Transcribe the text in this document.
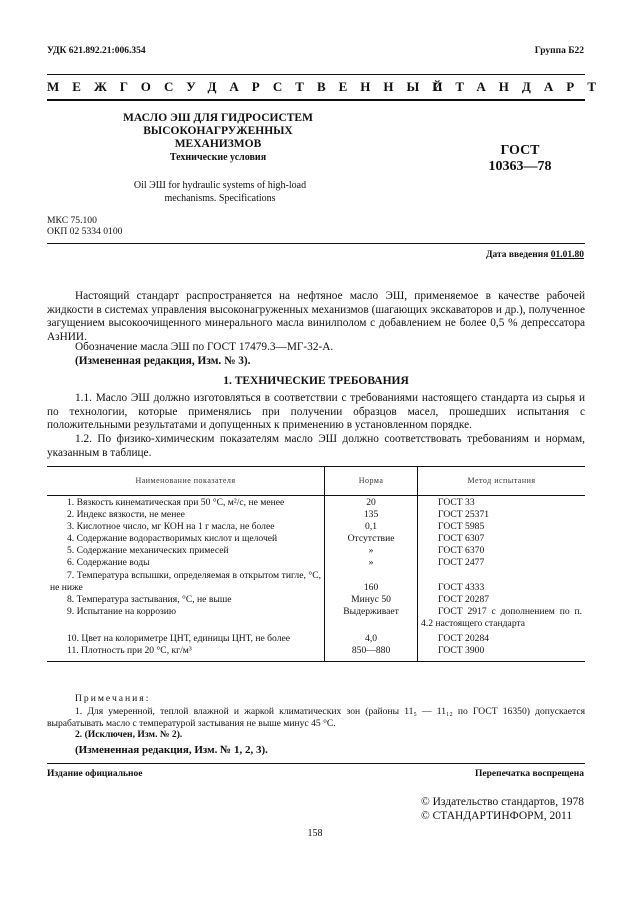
УДК 621.892.21:006.354	Группа Б22
МЕЖГОСУДАРСТВЕННЫЙ
СТАНДАРТ
МАСЛО ЭШ ДЛЯ ГИДРОСИСТЕМ
ВЫСОКОНАГРУЖЕННЫХ МЕХАНИЗМОВ
Технические условия
Oil ЭШ for hydraulic systems of high-load
mechanisms. Specifications
ГОСТ
10363—78
МКС 75.100
ОКП 02 5334 0100
Дата введения 01.01.80
Настоящий стандарт распространяется на нефтяное масло ЭШ, применяемое в качестве рабочей жидкости в системах управления высоконагруженных механизмов (шагающих экскаваторов и др.), полученное загущением высокоочищенного минерального масла винилполом с добавлением не более 0,5 % депрессатора АзНИИ.
Обозначение масла ЭШ по ГОСТ 17479.3—МГ-32-А.
(Измененная редакция, Изм. № 3).
1. ТЕХНИЧЕСКИЕ ТРЕБОВАНИЯ
1.1. Масло ЭШ должно изготовляться в соответствии с требованиями настоящего стандарта из сырья и по технологии, которые применялись при получении образцов масел, прошедших испытания с положительными результатами и допущенных к применению в установленном порядке.
1.2. По физико-химическим показателям масло ЭШ должно соответствовать требованиям и нормам, указанным в таблице.
Наименование показателя	Норма	Метод испытания
1. Вязкость кинематическая при 50 °С, м²/с, не менее	20	ГОСТ 33
2. Индекс вязкости, не менее	135	ГОСТ 25371
3. Кислотное число, мг КОН на 1 г масла, не более	0,1	ГОСТ 5985
4. Содержание водорастворимых кислот и щелочей	Отсутствие	ГОСТ 6307
5. Содержание механических примесей	»	ГОСТ 6370
6. Содержание воды	»	ГОСТ 2477
7. Температура вспышки, определяемая в открытом тигле, °С, не ниже	160	ГОСТ 4333
8. Температура застывания, °С, не выше	Минус 50	ГОСТ 20287
9. Испытание на коррозию	Выдерживает	ГОСТ 2917 с дополнением по п. 4.2 настоящего стандарта
10. Цвет на колориметре ЦНТ, единицы ЦНТ, не более	4,0	ГОСТ 20284
11. Плотность при 20 °С, кг/м³	850—880	ГОСТ 3900
Примечания:
1. Для умеренной, теплой влажной и жаркой климатических зон (районы 11₅ — 11₁₂ по ГОСТ 16350) допускается вырабатывать масло с температурой застывания не выше минус 45 °С.
2. (Исключен, Изм. № 2).
(Измененная редакция, Изм. № 1, 2, 3).
Издание официальное	Перепечатка воспрещена
© Издательство стандартов, 1978
© СТАНДАРТИНФОРМ, 2011
158
